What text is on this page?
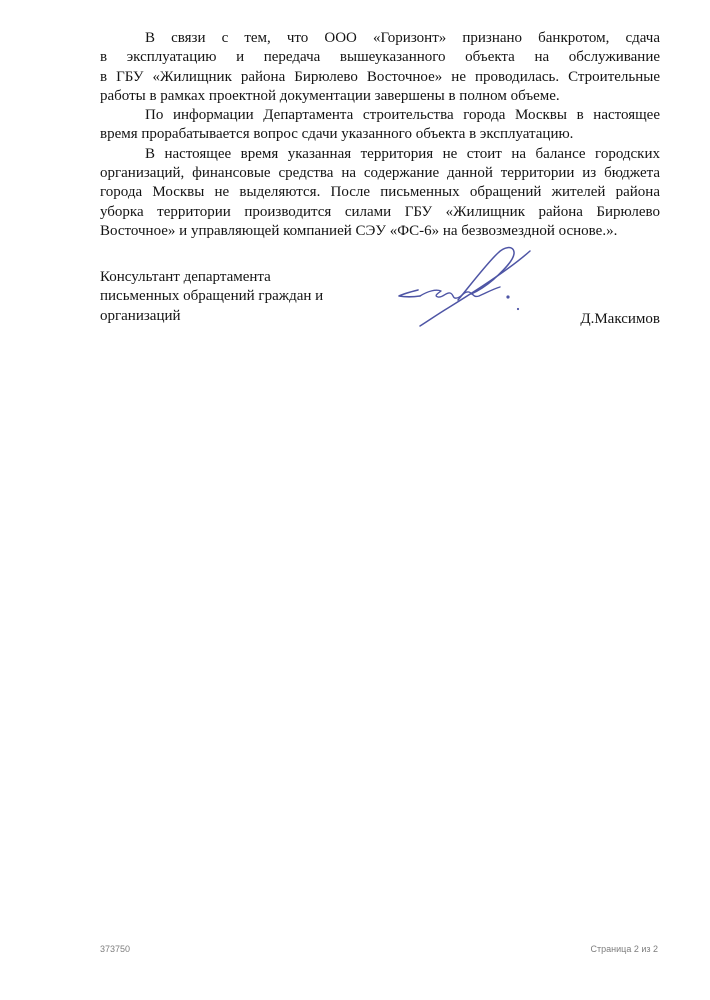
В связи с тем, что ООО «Горизонт» признано банкротом, сдача
в эксплуатацию и передача вышеуказанного объекта на обслуживание
в ГБУ «Жилищник района Бирюлево Восточное» не проводилась. Строительные
работы в рамках проектной документации завершены в полном объеме.
По информации Департамента строительства города Москвы в настоящее
время прорабатывается вопрос сдачи указанного объекта в эксплуатацию.
В настоящее время указанная территория не стоит на балансе городских
организаций, финансовые средства на содержание данной территории из бюджета
города Москвы не выделяются. После письменных обращений жителей района
уборка территории производится силами ГБУ «Жилищник района Бирюлево
Восточное» и управляющей компанией СЭУ «ФС-6» на безвозмездной основе.».
Консультант департамента
письменных обращений граждан и
организаций	Д.Максимов
373750	Страница 2 из 2
